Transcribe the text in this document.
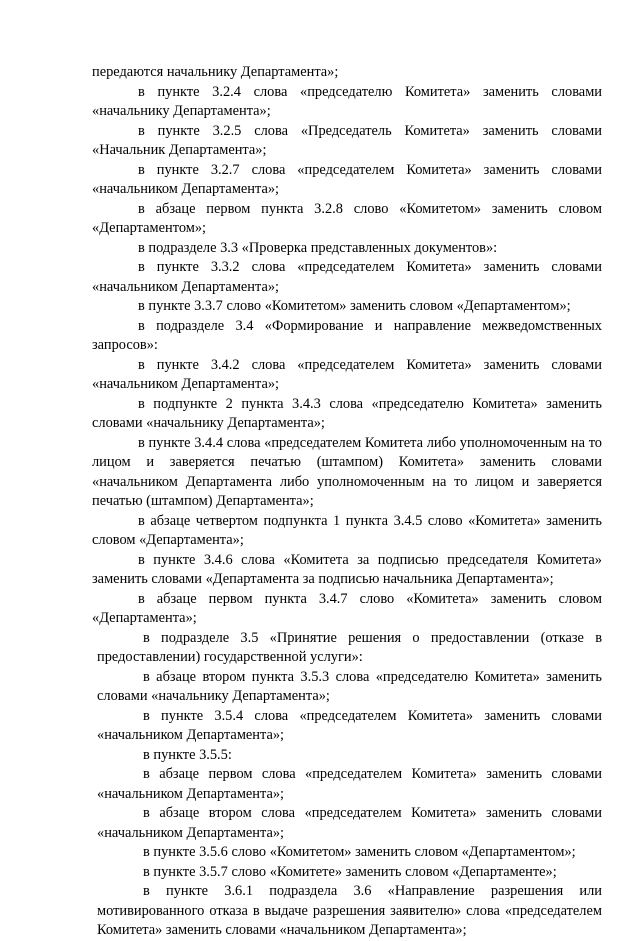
передаются начальнику Департамента»;

в пункте 3.2.4 слова «председателю Комитета» заменить словами «начальнику Департамента»;

в пункте 3.2.5 слова «Председатель Комитета» заменить словами «Начальник Департамента»;

в пункте 3.2.7 слова «председателем Комитета» заменить словами «начальником Департамента»;

в абзаце первом пункта 3.2.8 слово «Комитетом» заменить словом «Департаментом»;

в подразделе 3.3 «Проверка представленных документов»:

в пункте 3.3.2 слова «председателем Комитета» заменить словами «начальником Департамента»;

в пункте 3.3.7 слово «Комитетом» заменить словом «Департаментом»;

в подразделе 3.4 «Формирование и направление межведомственных запросов»:

в пункте 3.4.2 слова «председателем Комитета» заменить словами «начальником Департамента»;

в подпункте 2 пункта 3.4.3 слова «председателю Комитета» заменить словами «начальнику Департамента»;

в пункте 3.4.4 слова «председателем Комитета либо уполномоченным на то лицом и заверяется печатью (штампом) Комитета» заменить словами «начальником Департамента либо уполномоченным на то лицом и заверяется печатью (штампом) Департамента»;

в абзаце четвертом подпункта 1 пункта 3.4.5 слово «Комитета» заменить словом «Департамента»;

в пункте 3.4.6 слова «Комитета за подписью председателя Комитета» заменить словами «Департамента за подписью начальника Департамента»;

в абзаце первом пункта 3.4.7 слово «Комитета» заменить словом «Департамента»;

в подразделе 3.5 «Принятие решения о предоставлении (отказе в предоставлении) государственной услуги»:

в абзаце втором пункта 3.5.3 слова «председателю Комитета» заменить словами «начальнику Департамента»;

в пункте 3.5.4 слова «председателем Комитета» заменить словами «начальником Департамента»;

в пункте 3.5.5:

в абзаце первом слова «председателем Комитета» заменить словами «начальником Департамента»;

в абзаце втором слова «председателем Комитета» заменить словами «начальником Департамента»;

в пункте 3.5.6 слово «Комитетом» заменить словом «Департаментом»;

в пункте 3.5.7 слово «Комитете» заменить словом «Департаменте»;

в пункте 3.6.1 подраздела 3.6 «Направление разрешения или мотивированного отказа в выдаче разрешения заявителю» слова «председателем Комитета» заменить словами «начальником Департамента»;
